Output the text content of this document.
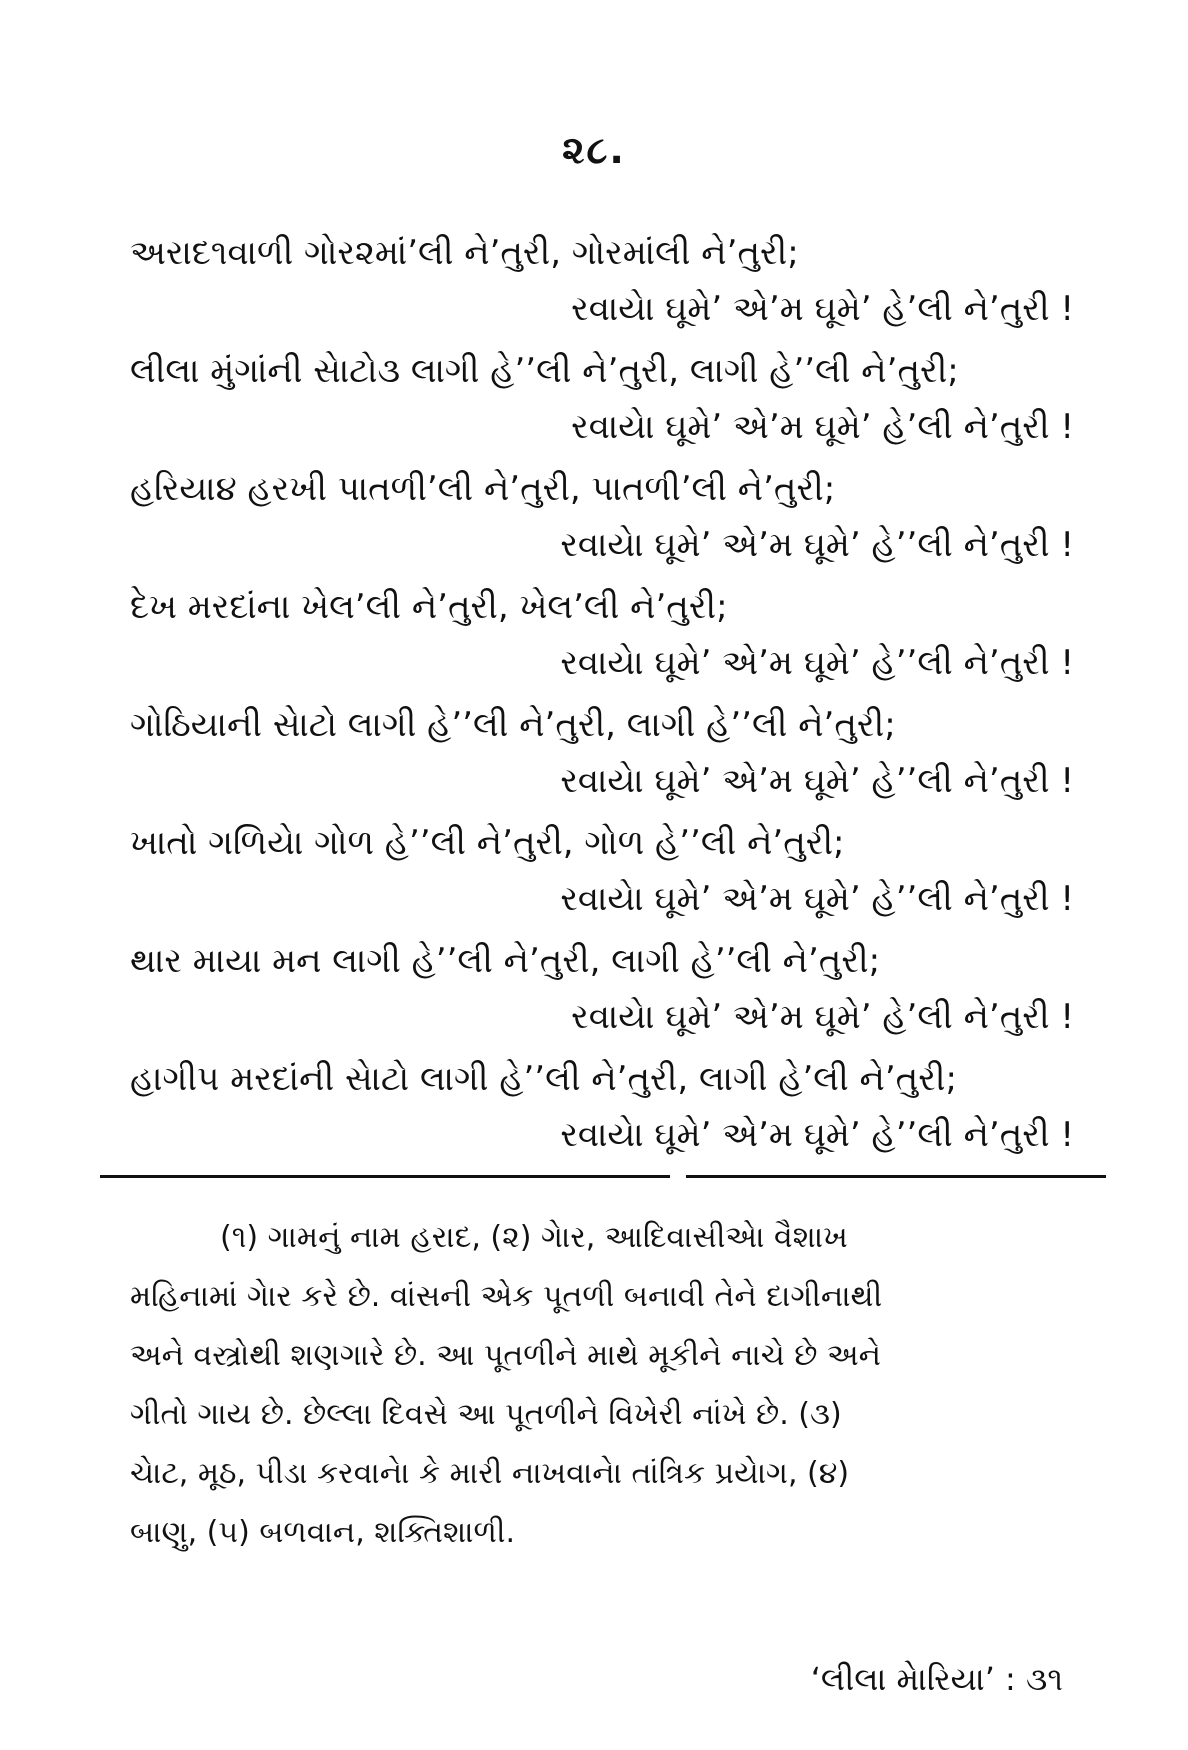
૨૮.
અરાદ૧વાળી ગોર૨માં’લી ને’તુરી, ગોરમાંલી ને’તુરી;
રવાયેા ઘૂમે’ એ’મ ઘૂમે’ હે’લી ને’તુરી !
લીલા મુંગાંની સેાટો૩ લાગી હે’’લી ને’તુરી, લાગી હે’’લી ને’તુરી;
રવાયેા ઘૂમે’ એ’મ ઘૂમે’ હે’લી ને’તુરી !
હરિયા૪ હરખી પાતળી’લી ને’તુરી, પાતળી’લી ને’તુરી;
રવાયેા ઘૂમે’ એ’મ ઘૂમે’ હે’’લી ને’તુરી !
દેખ મરદાંના ખેલ’લી ને’તુરી, ખેલ’લી ને’તુરી;
રવાયેા ઘૂમે’ એ’મ ઘૂમે’ હે’’લી ને’તુરી !
ગોઠિયાની સેાટો લાગી હે’’લી ને’તુરી, લાગી હે’’લી ને’તુરી;
રવાયેા ઘૂમે’ એ’મ ઘૂમે’ હે’’લી ને’તુરી !
ખાતો ગળિયેા ગોળ હે’’લી ને’તુરી, ગોળ હે’’લી ને’તુરી;
રવાયેા ઘૂમે’ એ’મ ઘૂમે’ હે’’લી ને’તુરી !
થાર માયા મન લાગી હે’’લી ને’તુરી, લાગી હે’’લી ને’તુરી;
રવાયેા ઘૂમે’ એ’મ ઘૂમે’ હે’લી ને’તુરી !
હાગી૫ મરદાંની સેાટો લાગી હે’’લી ને’તુરી, લાગી હે’લી ને’તુરી;
રવાયેા ઘૂમે’ એ’મ ઘૂમે’ હે’’લી ને’તુરી !
(૧) ગામનું નામ હરાદ, (૨) ગેાર, આદિવાસીએા વૈશાખ
મહિનામાં ગેાર કરે છે. વાંસની એક પૂતળી બનાવી તેને દાગીનાથી
અને વસ્ત્રોથી શણગારે છે. આ પૂતળીને માથે મૂકીને નાચે છે અને
ગીતો ગાય છે. છેલ્લા દિવસે આ પૂતળીને વિખેરી નાંખે છે. (૩)
ચેાટ, મૂઠ, પીડા કરવાનેા કે મારી નાખવાનેા તાંત્રિક પ્રયેાગ, (૪)
બાણુ, (૫) બળવાન, શક્તિશાળી.
‘લીલા મેારિયા’ : ૩૧
